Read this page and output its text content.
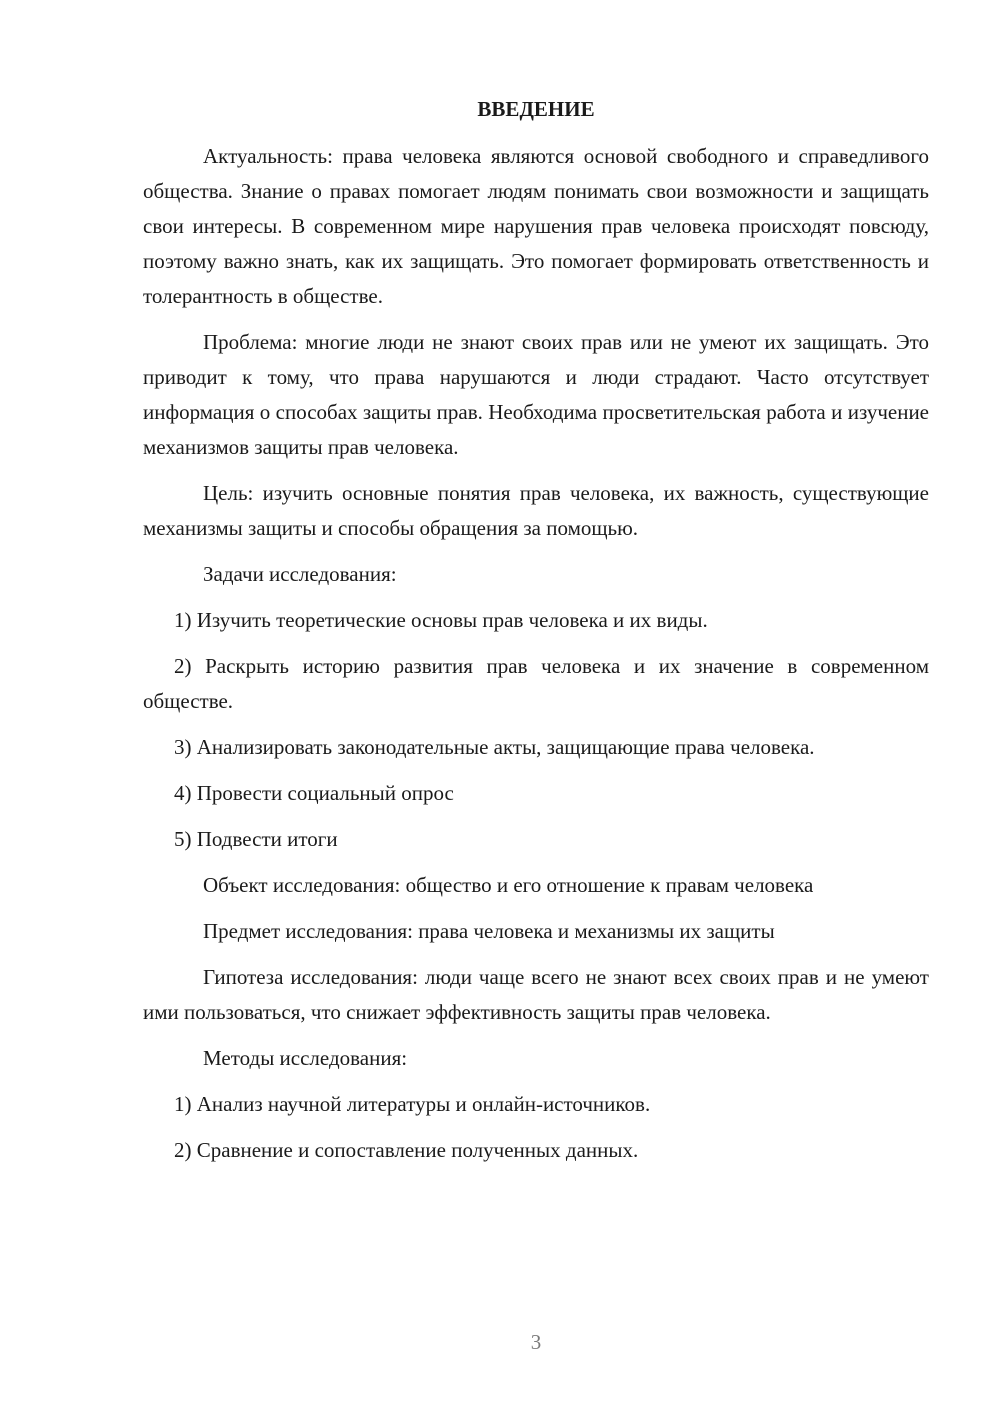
ВВЕДЕНИЕ

Актуальность: права человека являются основой свободного и справедливого общества. Знание о правах помогает людям понимать свои возможности и защищать свои интересы. В современном мире нарушения прав человека происходят повсюду, поэтому важно знать, как их защищать. Это помогает формировать ответственность и толерантность в обществе.

Проблема: многие люди не знают своих прав или не умеют их защищать. Это приводит к тому, что права нарушаются и люди страдают. Часто отсутствует информация о способах защиты прав. Необходима просветительская работа и изучение механизмов защиты прав человека.

Цель: изучить основные понятия прав человека, их важность, существующие механизмы защиты и способы обращения за помощью.

Задачи исследования:

1) Изучить теоретические основы прав человека и их виды.

2) Раскрыть историю развития прав человека и их значение в современном обществе.

3) Анализировать законодательные акты, защищающие права человека.

4) Провести социальный опрос

5) Подвести итоги

Объект исследования: общество и его отношение к правам человека

Предмет исследования: права человека и механизмы их защиты

Гипотеза исследования: люди чаще всего не знают всех своих прав и не умеют ими пользоваться, что снижает эффективность защиты прав человека.

Методы исследования:

1) Анализ научной литературы и онлайн-источников.

2) Сравнение и сопоставление полученных данных.

3
